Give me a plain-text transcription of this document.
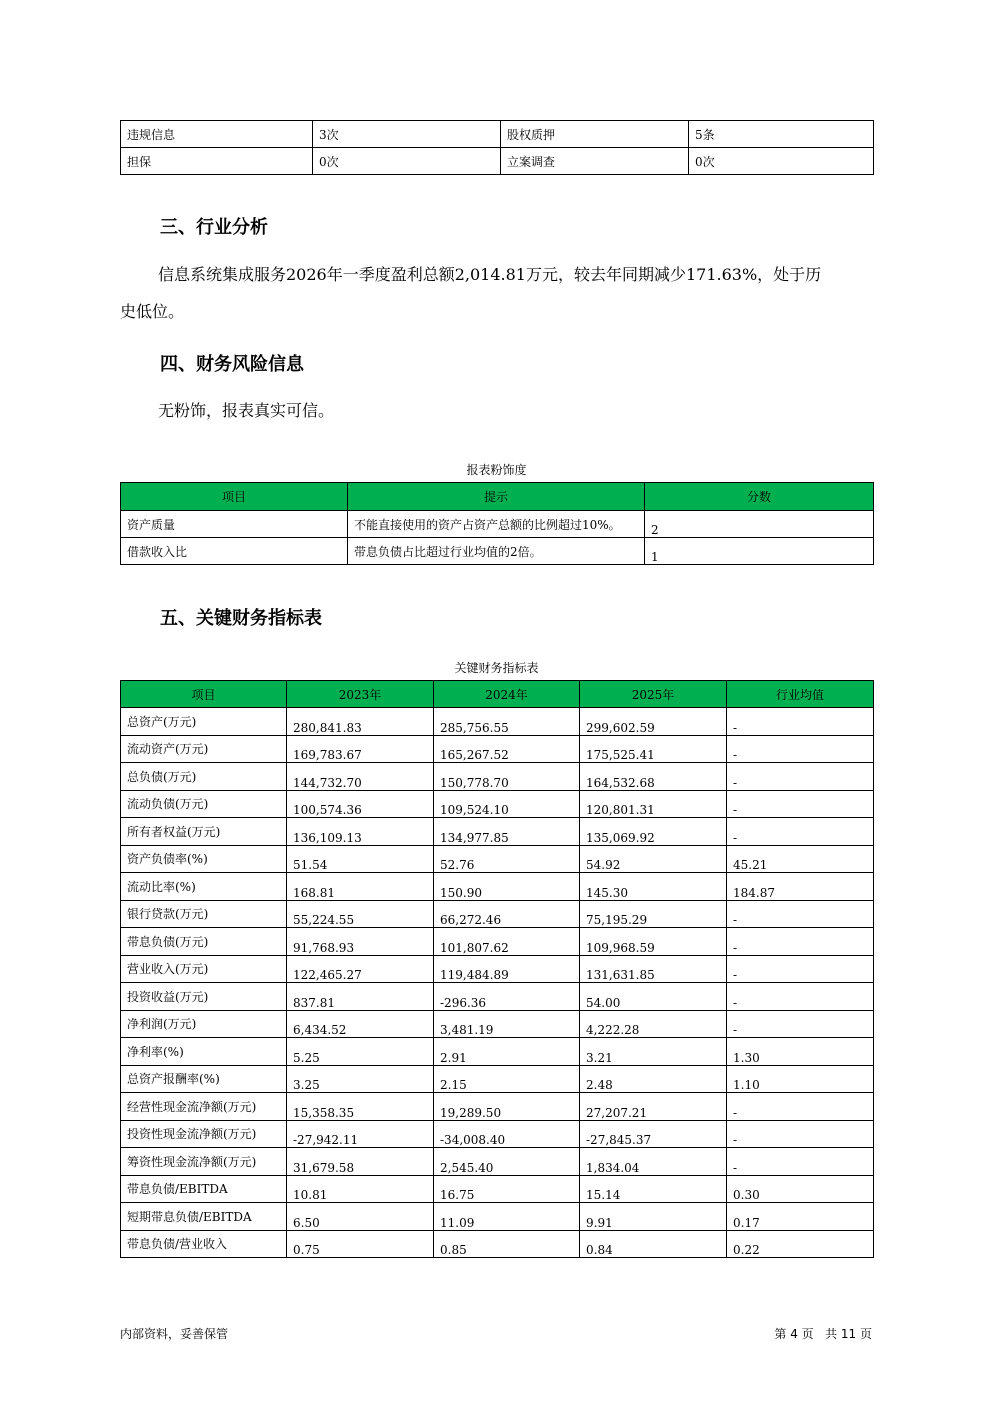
违规信息	3次	股权质押	5条
担保	0次	立案调查	0次
三、行业分析
信息系统集成服务2026年一季度盈利总额2,014.81万元，较去年同期减少171.63%，处于历
史低位。
四、财务风险信息
无粉饰，报表真实可信。
报表粉饰度
项目	提示	分数
资产质量	不能直接使用的资产占资产总额的比例超过10%。	2
借款收入比	带息负债占比超过行业均值的2倍。	1
五、关键财务指标表
关键财务指标表
项目	2023年	2024年	2025年	行业均值
总资产(万元)	280,841.83	285,756.55	299,602.59	-
流动资产(万元)	169,783.67	165,267.52	175,525.41	-
总负债(万元)	144,732.70	150,778.70	164,532.68	-
流动负债(万元)	100,574.36	109,524.10	120,801.31	-
所有者权益(万元)	136,109.13	134,977.85	135,069.92	-
资产负债率(%)	51.54	52.76	54.92	45.21
流动比率(%)	168.81	150.90	145.30	184.87
银行贷款(万元)	55,224.55	66,272.46	75,195.29	-
带息负债(万元)	91,768.93	101,807.62	109,968.59	-
营业收入(万元)	122,465.27	119,484.89	131,631.85	-
投资收益(万元)	837.81	-296.36	54.00	-
净利润(万元)	6,434.52	3,481.19	4,222.28	-
净利率(%)	5.25	2.91	3.21	1.30
总资产报酬率(%)	3.25	2.15	2.48	1.10
经营性现金流净额(万元)	15,358.35	19,289.50	27,207.21	-
投资性现金流净额(万元)	-27,942.11	-34,008.40	-27,845.37	-
筹资性现金流净额(万元)	31,679.58	2,545.40	1,834.04	-
带息负债/EBITDA	10.81	16.75	15.14	0.30
短期带息负债/EBITDA	6.50	11.09	9.91	0.17
带息负债/营业收入	0.75	0.85	0.84	0.22
内部资料，妥善保管	第 4 页   共 11 页
